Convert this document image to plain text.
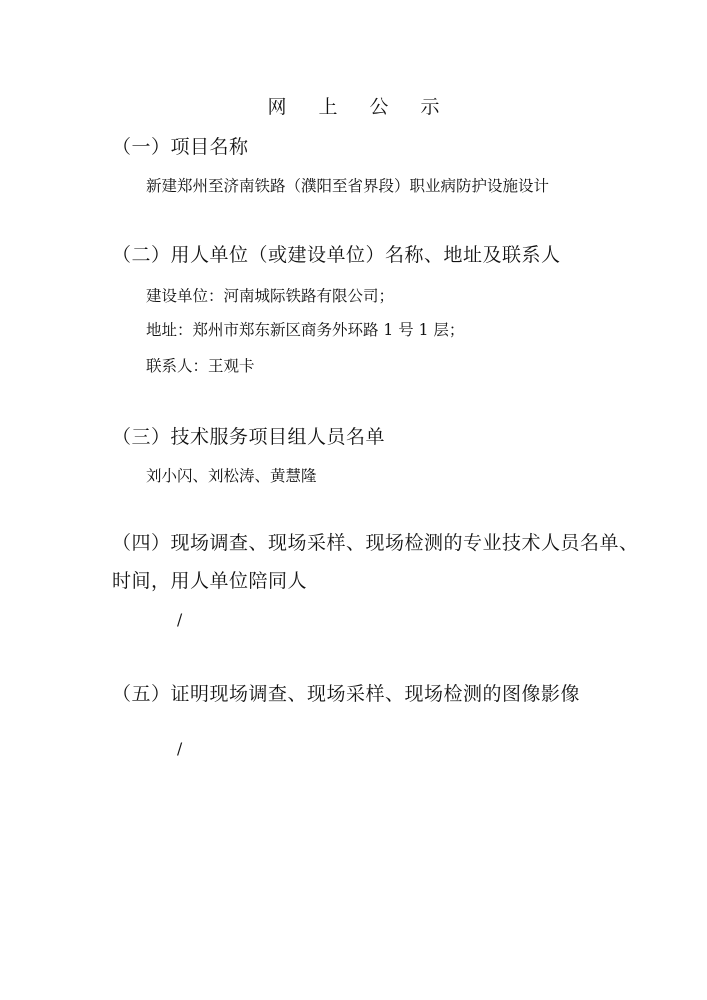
网 上 公 示
（一）项目名称
新建郑州至济南铁路（濮阳至省界段）职业病防护设施设计
（二）用人单位（或建设单位）名称、地址及联系人
建设单位：河南城际铁路有限公司；
地址：郑州市郑东新区商务外环路 1 号 1 层；
联系人：王观卡
（三）技术服务项目组人员名单
刘小闪、刘松涛、黄慧隆
（四）现场调查、现场采样、现场检测的专业技术人员名单、
时间，用人单位陪同人
/
（五）证明现场调查、现场采样、现场检测的图像影像
/
